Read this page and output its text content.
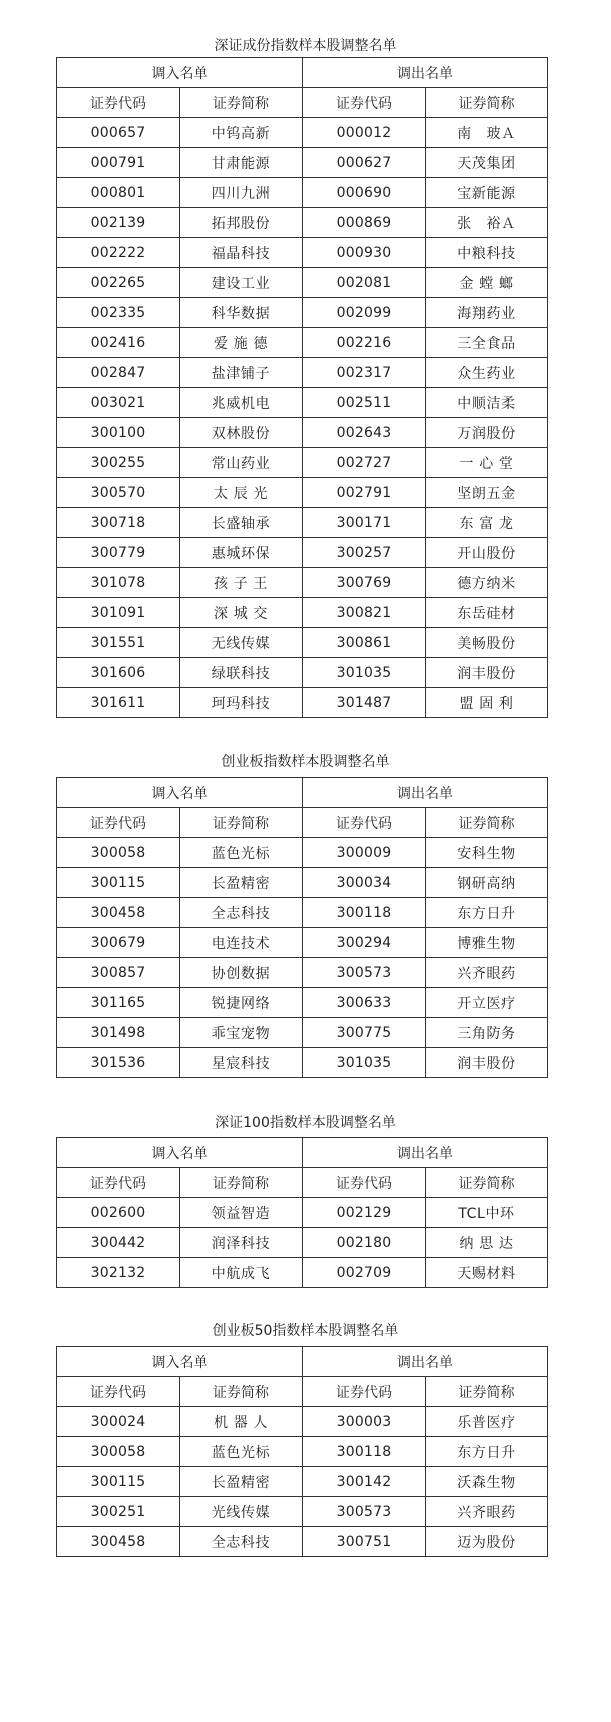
深证成份指数样本股调整名单
调入名单		调出名单	
证券代码	证券简称	证券代码	证券简称
000657	中钨高新	000012	南　玻Ａ
000791	甘肃能源	000627	天茂集团
000801	四川九洲	000690	宝新能源
002139	拓邦股份	000869	张　裕Ａ
002222	福晶科技	000930	中粮科技
002265	建设工业	002081	金 螳 螂
002335	科华数据	002099	海翔药业
002416	爱 施 德	002216	三全食品
002847	盐津铺子	002317	众生药业
003021	兆威机电	002511	中顺洁柔
300100	双林股份	002643	万润股份
300255	常山药业	002727	一 心 堂
300570	太 辰 光	002791	坚朗五金
300718	长盛轴承	300171	东 富 龙
300779	惠城环保	300257	开山股份
301078	孩 子 王	300769	德方纳米
301091	深 城 交	300821	东岳硅材
301551	无线传媒	300861	美畅股份
301606	绿联科技	301035	润丰股份
301611	珂玛科技	301487	盟 固 利
创业板指数样本股调整名单
调入名单		调出名单	
证券代码	证券简称	证券代码	证券简称
300058	蓝色光标	300009	安科生物
300115	长盈精密	300034	钢研高纳
300458	全志科技	300118	东方日升
300679	电连技术	300294	博雅生物
300857	协创数据	300573	兴齐眼药
301165	锐捷网络	300633	开立医疗
301498	乖宝宠物	300775	三角防务
301536	星宸科技	301035	润丰股份
深证100指数样本股调整名单
调入名单		调出名单	
证券代码	证券简称	证券代码	证券简称
002600	领益智造	002129	TCL中环
300442	润泽科技	002180	纳 思 达
302132	中航成飞	002709	天赐材料
创业板50指数样本股调整名单
调入名单		调出名单	
证券代码	证券简称	证券代码	证券简称
300024	机 器 人	300003	乐普医疗
300058	蓝色光标	300118	东方日升
300115	长盈精密	300142	沃森生物
300251	光线传媒	300573	兴齐眼药
300458	全志科技	300751	迈为股份
